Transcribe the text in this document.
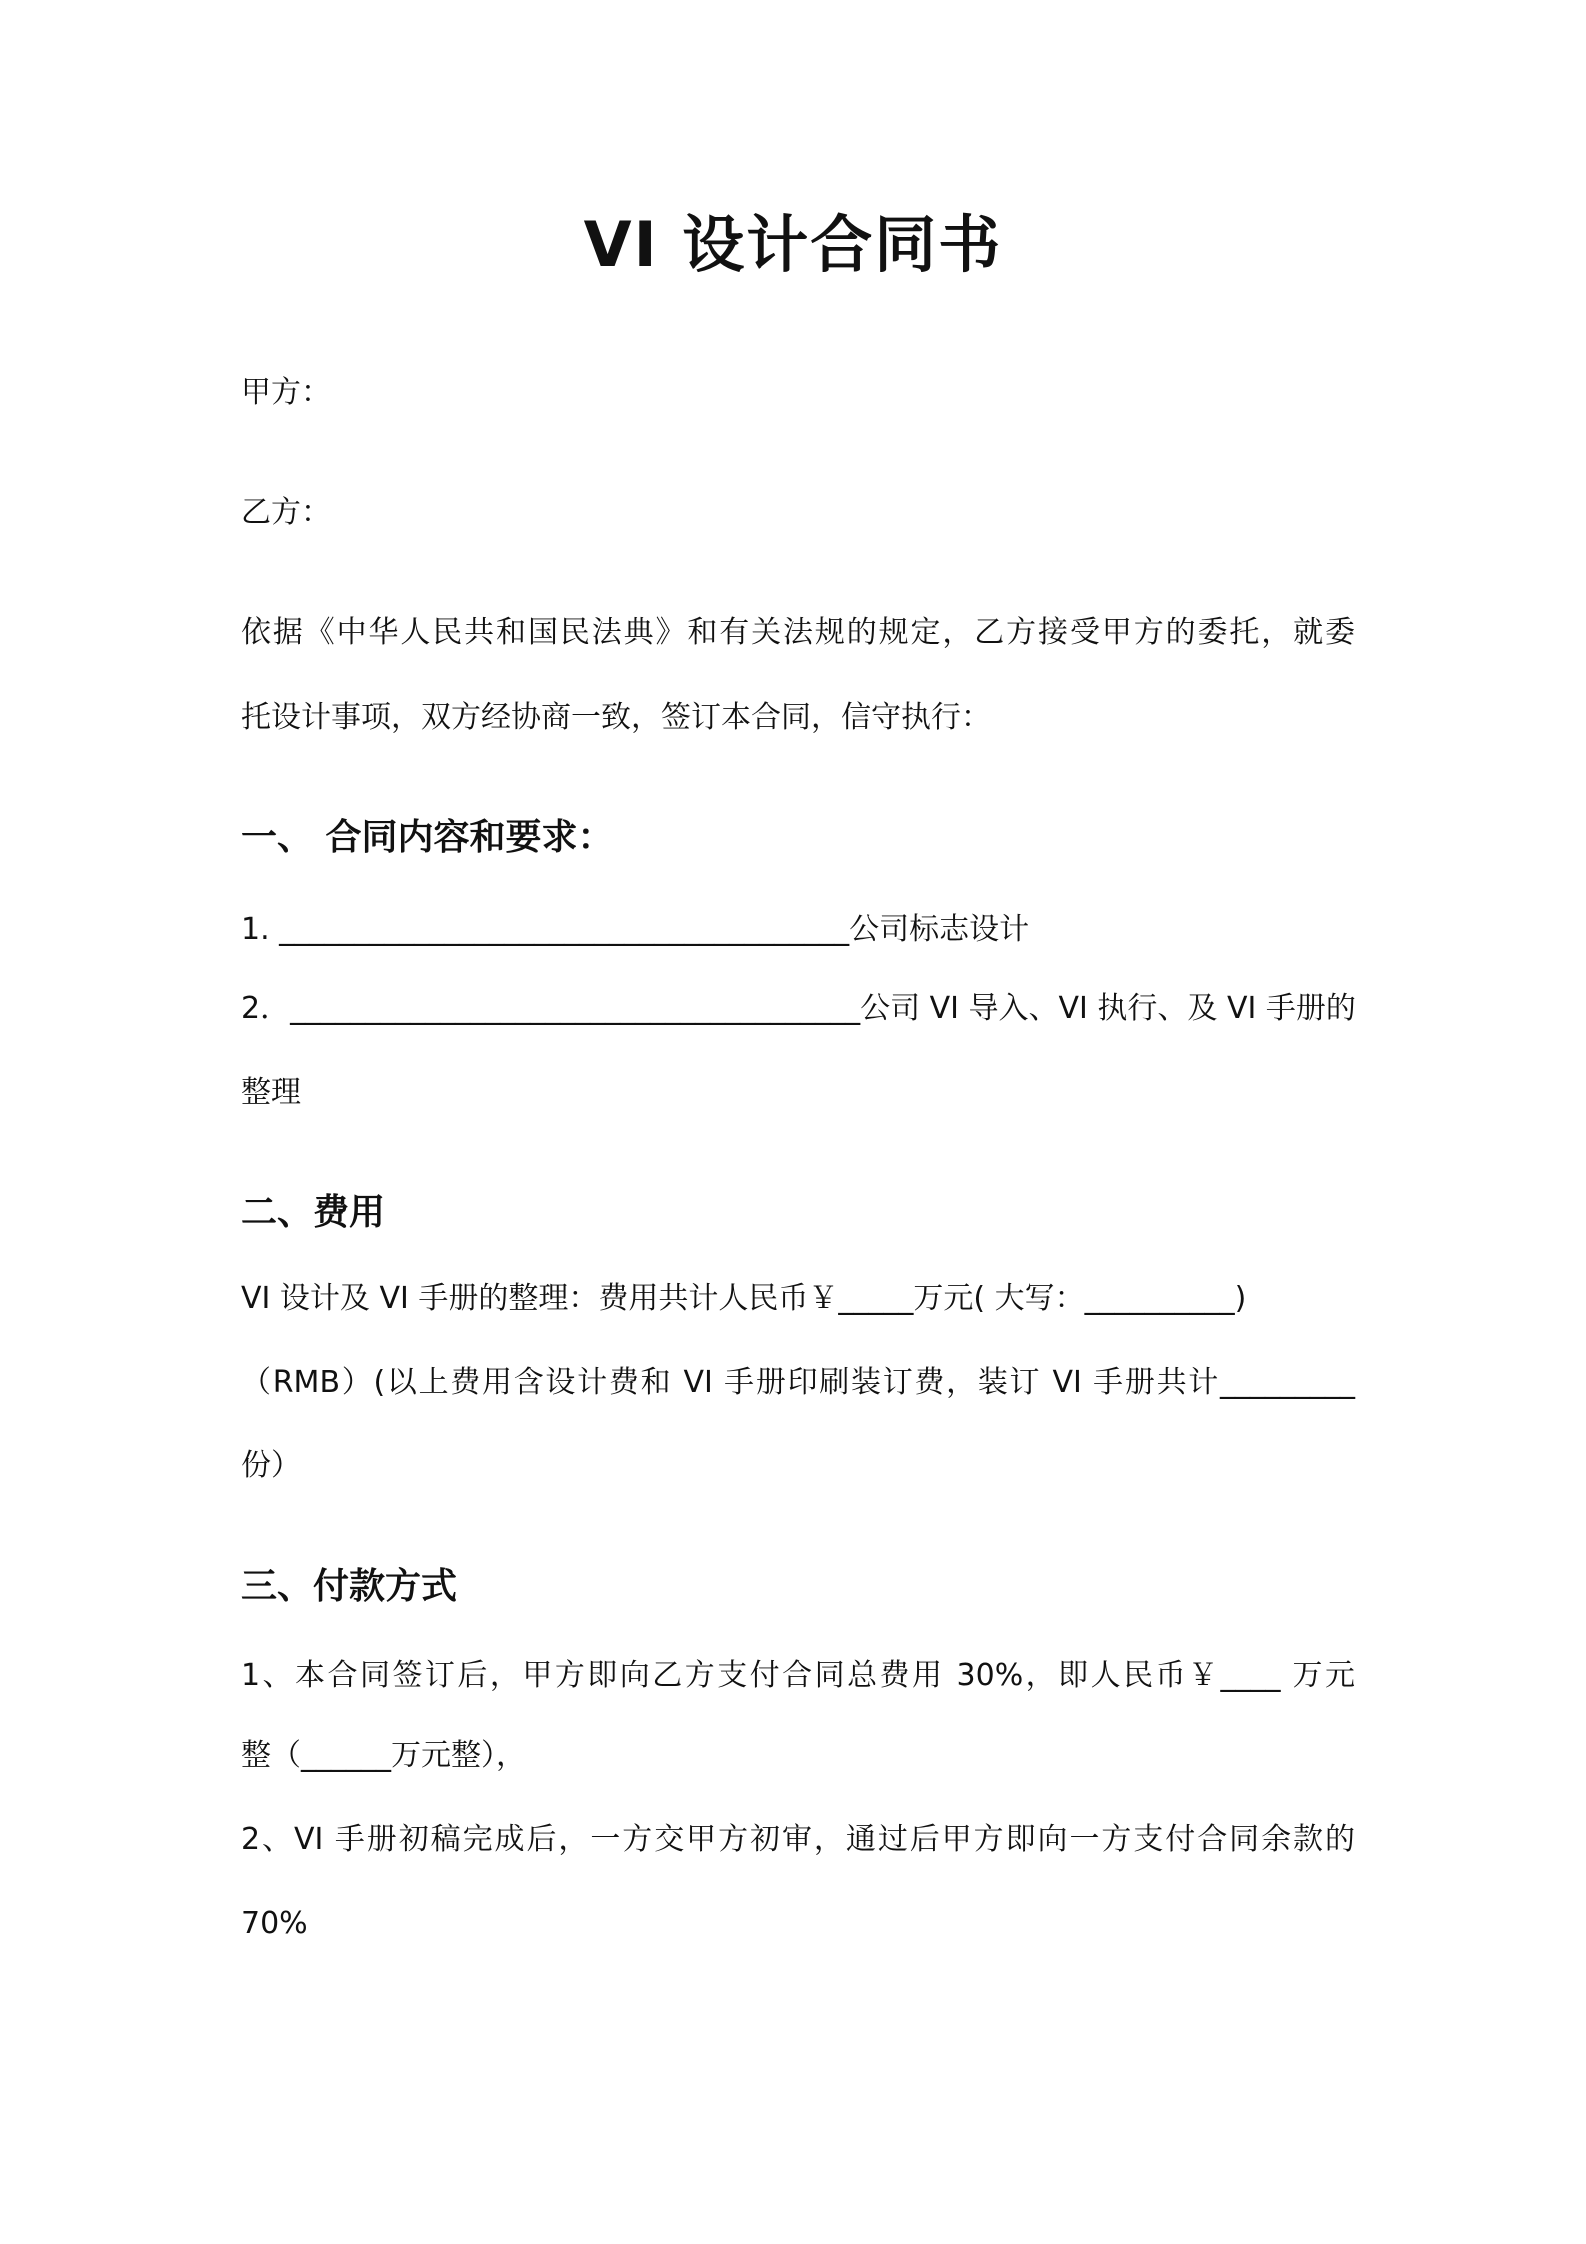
VI 设计合同书
甲方：
乙方：
依据《中华人民共和国民法典》和有关法规的规定，乙方接受甲方的委托，就委
托设计事项，双方经协商一致，签订本合同，信守执行：
一、 合同内容和要求：
1. ______________________________________公司标志设计
2．______________________________________公司 VI 导入、VI 执行、及 VI 手册的
整理
二、费用
VI 设计及 VI 手册的整理：费用共计人民币￥_____万元( 大写：__________)
（RMB）(以上费用含设计费和 VI 手册印刷装订费，装订 VI 手册共计_________
份）
三、付款方式
1、本合同签订后，甲方即向乙方支付合同总费用 30%，即人民币￥____ 万元
整（______万元整），
2、VI 手册初稿完成后，一方交甲方初审，通过后甲方即向一方支付合同余款的
70%
